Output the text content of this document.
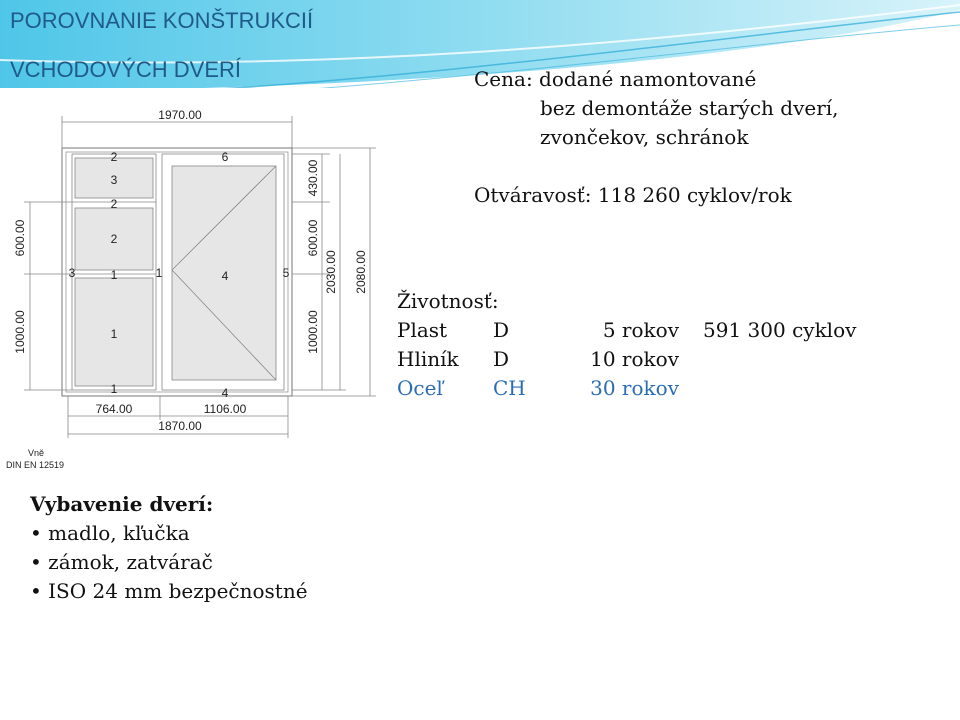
POROVNANIE KONŠTRUKCIÍ
VCHODOVÝCH DVERÍ
1970.00
764.00	1106.00
1870.00
600.00
1000.00
430.00
600.00
1000.00
2030.00 2080.00
2
3
2
2
1
1
1
6
4
4
3	1	5
Vně
DIN EN 12519
Cena: dodané namontované
bez demontáže starých dverí,
zvončekov, schránok
Otváravosť: 118 260 cyklov/rok
Životnosť:
Plast D	5 rokov 591 300 cyklov
Hliník D	10 rokov
Oceľ	CH	30 rokov
Vybavenie dverí:
• madlo, kľučka
• zámok, zatvárač
• ISO 24 mm bezpečnostné
